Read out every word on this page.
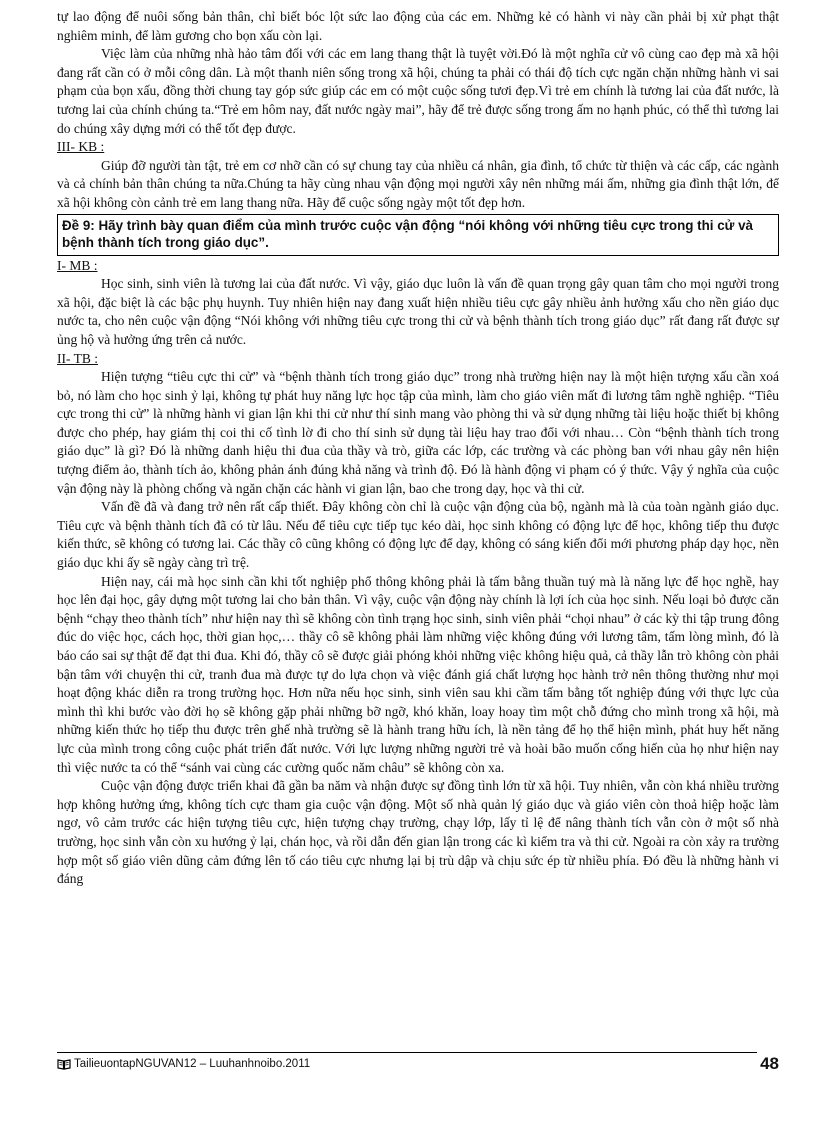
tự lao động để nuôi sống bản thân, chỉ biết bóc lột sức lao động của các em. Những kẻ có hành vi này cần phải bị xử phạt thật nghiêm minh, để làm gương cho bọn xấu còn lại.

Việc làm của những nhà hảo tâm đối với các em lang thang thật là tuyệt vời.Đó là một nghĩa cử vô cùng cao đẹp mà xã hội đang rất cần có ở mỗi công dân. Là một thanh niên sống trong xã hội, chúng ta phải có thái độ tích cực ngăn chặn những hành vi sai phạm của bọn xấu, đồng thời chung tay góp sức giúp các em có một cuộc sống tươi đẹp.Vì trẻ em chính là tương lai của đất nước, là tương lai của chính chúng ta.“Trẻ em hôm nay, đất nước ngày mai”, hãy để trẻ được sống trong ấm no hạnh phúc, có thể thì tương lai do chúng xây dựng mới có thể tốt đẹp được.

III- KB :

Giúp đỡ người tàn tật, trẻ em cơ nhỡ cần có sự chung tay của nhiều cá nhân, gia đình, tổ chức từ thiện và các cấp, các ngành và cả chính bản thân chúng ta nữa.Chúng ta hãy cùng nhau vận động mọi người xây nên những mái ấm, những gia đình thật lớn, để xã hội không còn cảnh trẻ em lang thang nữa. Hãy để cuộc sống ngày một tốt đẹp hơn.

Đề 9: Hãy trình bày quan điểm của mình trước cuộc vận động “nói không với những tiêu cực trong thi cử và bệnh thành tích trong giáo dục”.
I- MB :

Học sinh, sinh viên là tương lai của đất nước. Vì vậy, giáo dục luôn là vấn đề quan trọng gây quan tâm cho mọi người trong xã hội, đặc biệt là các bậc phụ huynh. Tuy nhiên hiện nay đang xuất hiện nhiều tiêu cực gây nhiều ảnh hưởng xấu cho nền giáo dục nước ta, cho nên cuộc vận động “Nói không với những tiêu cực trong thi cử và bệnh thành tích trong giáo dục” rất đang rất được sự ủng hộ và hưởng ứng trên cả nước.

II- TB :

Hiện tượng “tiêu cực thi cử” và “bệnh thành tích trong giáo dục” trong nhà trường hiện nay là một hiện tượng xấu cần xoá bỏ, nó làm cho học sinh ỷ lại, không tự phát huy năng lực học tập của mình, làm cho giáo viên mất đi lương tâm nghề nghiệp. “Tiêu cực trong thi cử” là những hành vi gian lận khi thi cử như thí sinh mang vào phòng thi và sử dụng những tài liệu hoặc thiết bị không được cho phép, hay giám thị coi thi cố tình lờ đi cho thí sinh sử dụng tài liệu hay trao đổi với nhau… Còn “bệnh thành tích trong giáo dục” là gì? Đó là những danh hiệu thi đua của thầy và trò, giữa các lớp, các trường và các phòng ban với nhau gây nên hiện tượng điểm ảo, thành tích ảo, không phản ánh đúng khả năng và trình độ. Đó là hành động vi phạm có ý thức. Vậy ý nghĩa của cuộc vận động này là phòng chống và ngăn chặn các hành vi gian lận, bao che trong dạy, học và thi cử.

Vấn đề đã và đang trở nên rất cấp thiết. Đây không còn chỉ là cuộc vận động của bộ, ngành mà là của toàn ngành giáo dục. Tiêu cực và bệnh thành tích đã có từ lâu. Nếu để tiêu cực tiếp tục kéo dài, học sinh không có động lực để học, không tiếp thu được kiến thức, sẽ không có tương lai. Các thầy cô cũng không có động lực để dạy, không có sáng kiến đổi mới phương pháp dạy học, nền giáo dục khi ấy sẽ ngày càng trì trệ.

Hiện nay, cái mà học sinh cần khi tốt nghiệp phổ thông không phải là tấm bằng thuần tuý mà là năng lực để học nghề, hay học lên đại học, gây dựng một tương lai cho bản thân. Vì vậy, cuộc vận động này chính là lợi ích của học sinh. Nếu loại bỏ được căn bệnh “chạy theo thành tích” như hiện nay thì sẽ không còn tình trạng học sinh, sinh viên phải “chọi nhau” ở các kỳ thi tập trung đông đúc do việc học, cách học, thời gian học,… thầy cô sẽ không phải làm những việc không đúng với lương tâm, tấm lòng mình, đó là báo cáo sai sự thật để đạt thi đua. Khi đó, thầy cô sẽ được giải phóng khỏi những việc không hiệu quả, cả thầy lẫn trò không còn phải bận tâm với chuyện thi cử, tranh đua mà được tự do lựa chọn và việc đánh giá chất lượng học hành trở nên thông thường như mọi hoạt động khác diễn ra trong trường học. Hơn nữa nếu học sinh, sinh viên sau khi cầm tấm bằng tốt nghiệp đúng với thực lực của mình thì khi bước vào đời họ sẽ không gặp phải những bỡ ngỡ, khó khăn, loay hoay tìm một chỗ đứng cho mình trong xã hội, mà những kiến thức họ tiếp thu được trên ghế nhà trường sẽ là hành trang hữu ích, là nền tảng để họ thể hiện mình, phát huy hết năng lực của mình trong công cuộc phát triển đất nước. Với lực lượng những người trẻ và hoài bão muốn cống hiến của họ như hiện nay thì việc nước ta có thể “sánh vai cùng các cường quốc năm châu” sẽ không còn xa.

Cuộc vận động được triển khai đã gần ba năm và nhận được sự đồng tình lớn từ xã hội. Tuy nhiên, vẫn còn khá nhiều trường hợp không hưởng ứng, không tích cực tham gia cuộc vận động. Một số nhà quản lý giáo dục và giáo viên còn thoả hiệp hoặc làm ngơ, vô cảm trước các hiện tượng tiêu cực, hiện tượng chạy trường, chạy lớp, lấy tỉ lệ để nâng thành tích vẫn còn ở một số nhà trường, học sinh vẫn còn xu hướng ỷ lại, chán học, và rồi dẫn đến gian lận trong các kì kiểm tra và thi cử. Ngoài ra còn xảy ra trường hợp một số giáo viên dũng cảm đứng lên tố cáo tiêu cực nhưng lại bị trù dập và chịu sức ép từ nhiều phía. Đó đều là những hành vi đáng

TailieuontapNGUVAN12 – Luuhanhnoibo.2011	48
